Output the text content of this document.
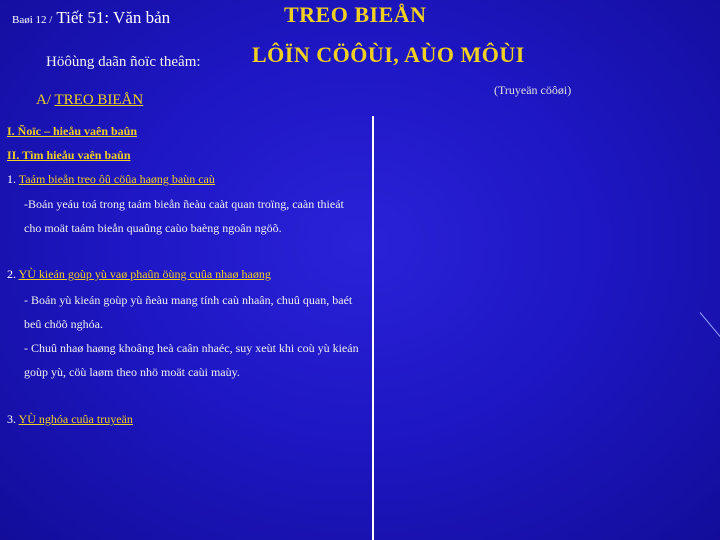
Baøi 12 / Tiết 51: Văn bản
Höôùng daãn ñoïc theâm:
TREO BIEÅN
LÔÏN CÖÔÙI, AÙO MÔÙI
(Truyeän cöôøi)
A/ TREO BIEÅN
I. Ñoïc – hieåu vaên baûn
II. Tìm hieåu vaên baûn
1. Taám bieån treo ôû cöûa haøng baùn caù
-Boán yeáu toá trong taám bieån ñeàu caàt quan troïng, caàn thieát cho moät taám bieån quaûng caùo baèng ngoân ngöõ.
2. YÙ kieán goùp yù vaø phaûn öùng cuûa nhaø haøng
- Boán yù kieán goùp yù ñeàu mang tính caù nhaân, chuû quan, baét beû chöõ nghóa.
- Chuû nhaø haøng khoâng heà caân nhaéc, suy xeùt khi coù yù kieán goùp yù, cöù laøm theo nhö moät caùi maùy.
3. YÙ nghóa cuûa truyeän
